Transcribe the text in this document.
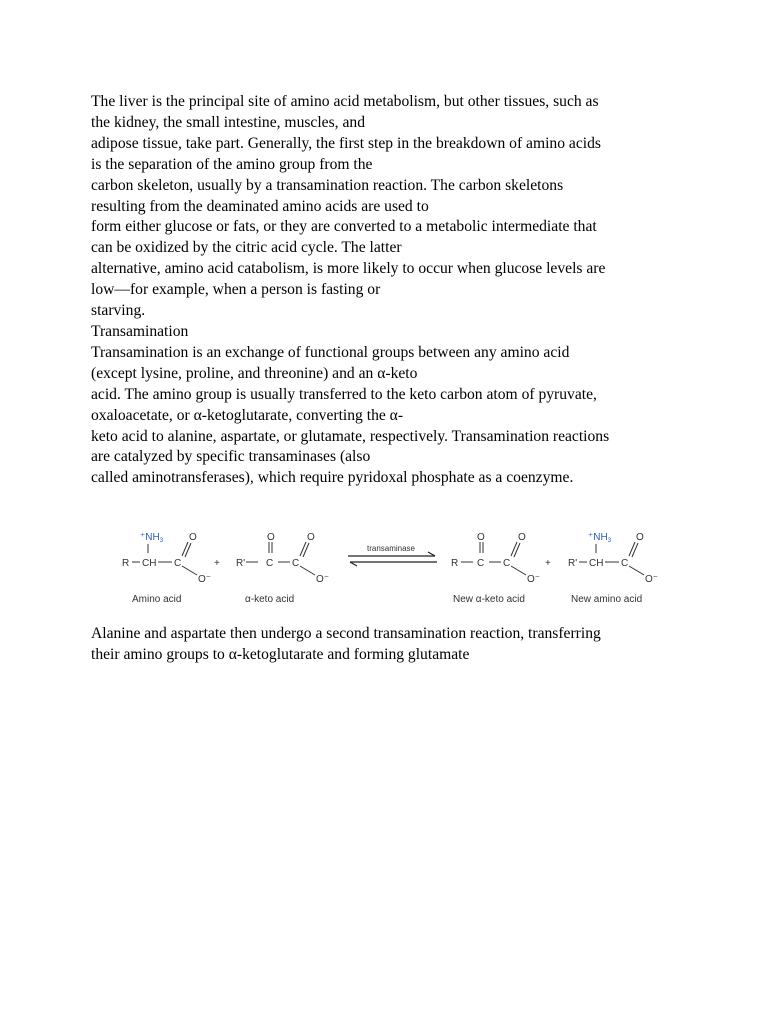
The liver is the principal site of amino acid metabolism, but other tissues, such as
the kidney, the small intestine, muscles, and
adipose tissue, take part. Generally, the first step in the breakdown of amino acids
is the separation of the amino group from the
carbon skeleton, usually by a transamination reaction. The carbon skeletons
resulting from the deaminated amino acids are used to
form either glucose or fats, or they are converted to a metabolic intermediate that
can be oxidized by the citric acid cycle. The latter
alternative, amino acid catabolism, is more likely to occur when glucose levels are
low—for example, when a person is fasting or
starving.
Transamination
Transamination is an exchange of functional groups between any amino acid
(except lysine, proline, and threonine) and an α-keto
acid. The amino group is usually transferred to the keto carbon atom of pyruvate,
oxaloacetate, or α-ketoglutarate, converting the α-
keto acid to alanine, aspartate, or glutamate, respectively. Transamination reactions
are catalyzed by specific transaminases (also
called aminotransferases), which require pyridoxal phosphate as a coenzyme.
transaminase
$^+NH_3$	O
R CH C
O⁻
+
O	O
R' C C
O⁻
O	O
R C C
O⁻
+
$^+NH_3$ O
R' CH C
O⁻
Amino acid	α-keto acid	New α-keto acid	New amino acid
Alanine and aspartate then undergo a second transamination reaction, transferring
their amino groups to α-ketoglutarate and forming glutamate
